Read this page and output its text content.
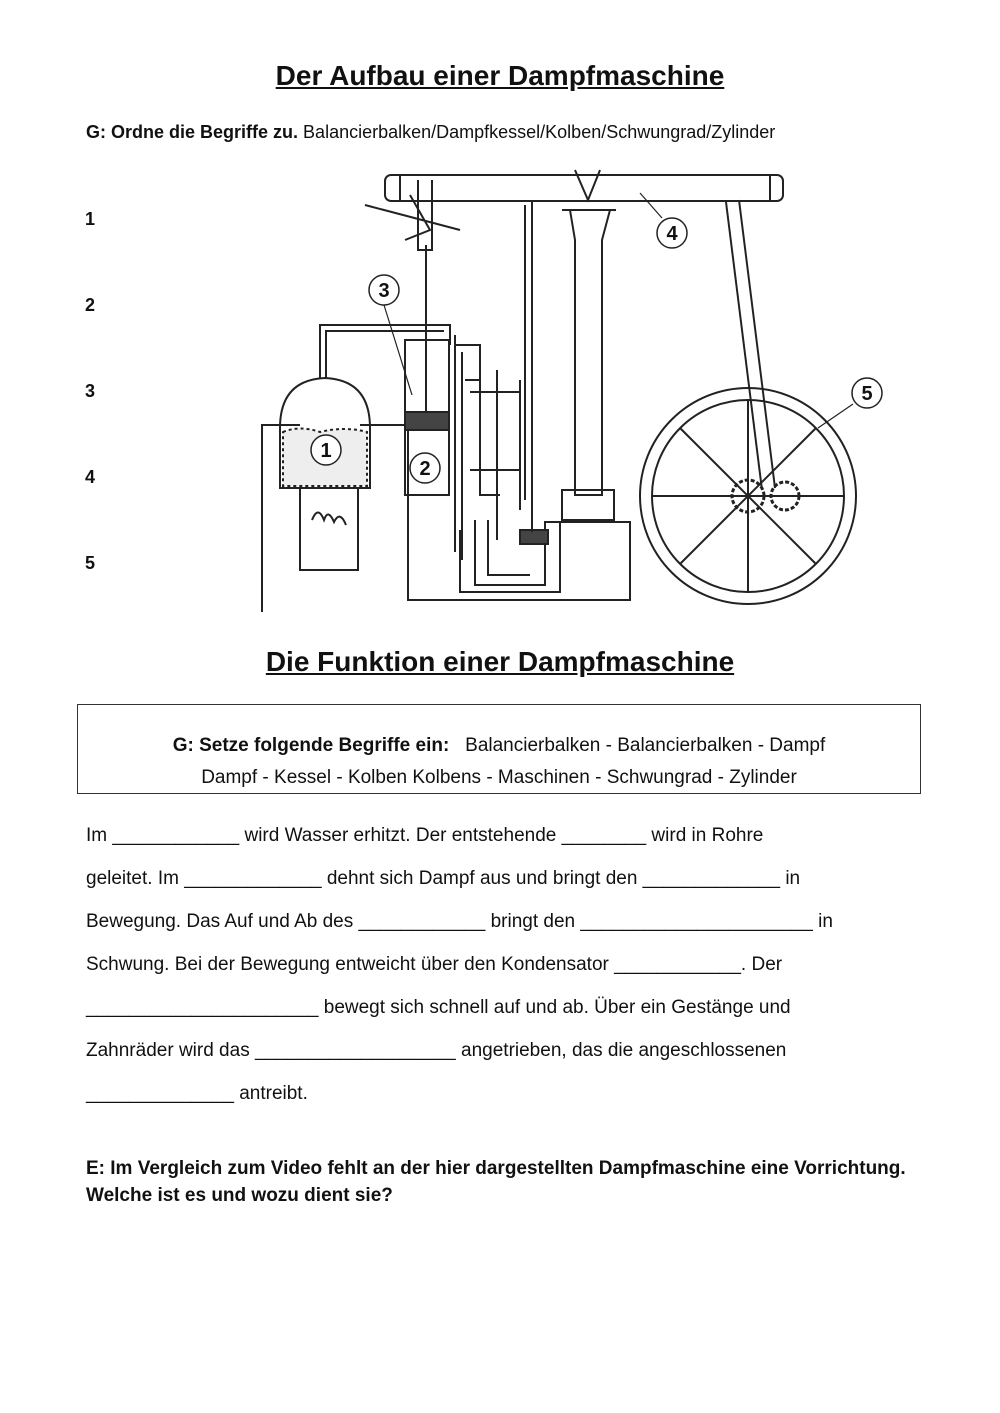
Der Aufbau einer Dampfmaschine
G: Ordne die Begriffe zu. Balancierbalken/Dampfkessel/Kolben/Schwungrad/Zylinder
1
2
3
4
5
1
2
3
4
5
Die Funktion einer Dampfmaschine
G: Setze folgende Begriffe ein: Balancierbalken - Balancierbalken - Dampf
Dampf - Kessel - Kolben Kolbens - Maschinen - Schwungrad - Zylinder
Im ____________ wird Wasser erhitzt. Der entstehende ________ wird in Rohre
geleitet. Im _____________ dehnt sich Dampf aus und bringt den _____________ in
Bewegung. Das Auf und Ab des ____________ bringt den ______________________ in
Schwung. Bei der Bewegung entweicht über den Kondensator ____________. Der
______________________ bewegt sich schnell auf und ab. Über ein Gestänge und
Zahnräder wird das ___________________ angetrieben, das die angeschlossenen
______________ antreibt.
E: Im Vergleich zum Video fehlt an der hier dargestellten Dampfmaschine eine Vorrichtung. Welche ist es und wozu dient sie?
